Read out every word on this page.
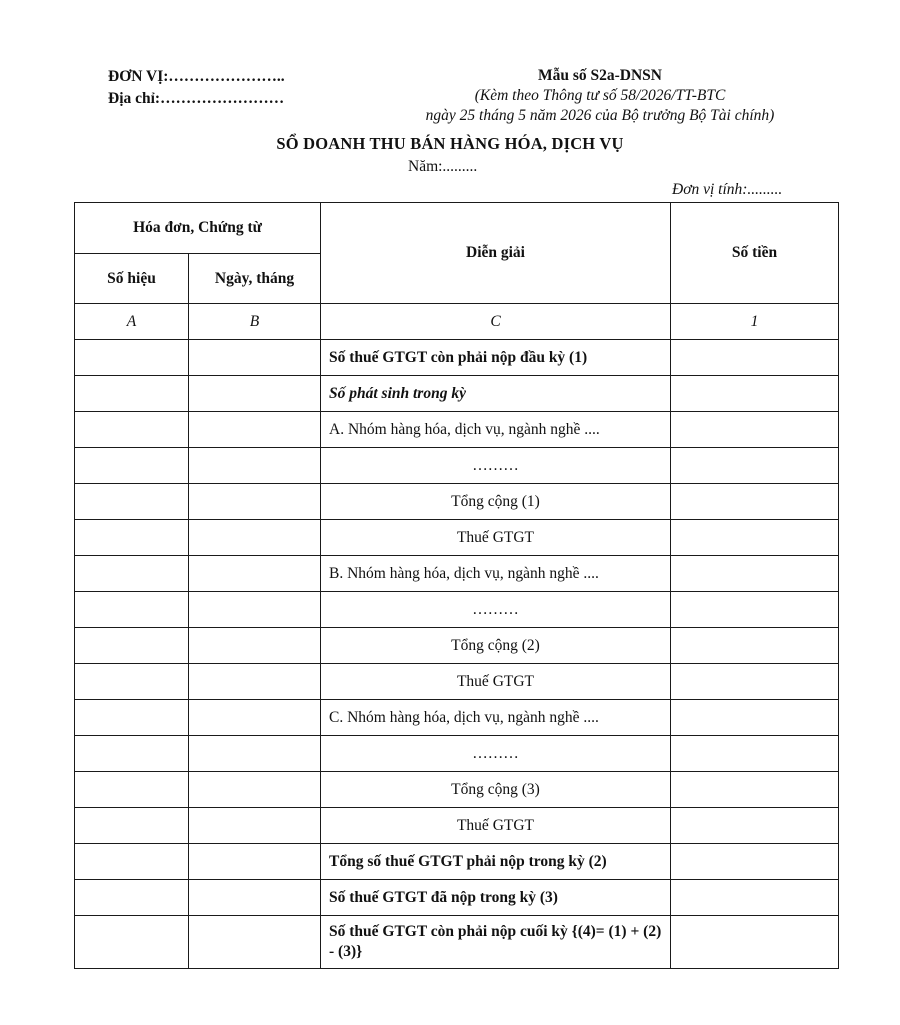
ĐƠN VỊ:…………………..
Địa chỉ:……………………
Mẫu số S2a-DNSN
(Kèm theo Thông tư số 58/2026/TT-BTC
ngày 25 tháng 5 năm 2026 của Bộ trưởng Bộ Tài chính)
SỔ DOANH THU BÁN HÀNG HÓA, DỊCH VỤ
Năm:.........
Đơn vị tính:.........
Hóa đơn, Chứng từ		Diễn giải	Số tiền
Số hiệu	Ngày, tháng		
A	B	C	1
		Số thuế GTGT còn phải nộp đầu kỳ (1)	
		Số phát sinh trong kỳ	
		A. Nhóm hàng hóa, dịch vụ, ngành nghề ....	
		………	
		Tổng cộng (1)	
		Thuế GTGT	
		B. Nhóm hàng hóa, dịch vụ, ngành nghề ....	
		………	
		Tổng cộng (2)	
		Thuế GTGT	
		C. Nhóm hàng hóa, dịch vụ, ngành nghề ....	
		………	
		Tổng cộng (3)	
		Thuế GTGT	
		Tổng số thuế GTGT phải nộp trong kỳ (2)	
		Số thuế GTGT đã nộp trong kỳ (3)	
		Số thuế GTGT còn phải nộp cuối kỳ {(4)= (1) + (2) - (3)}	
